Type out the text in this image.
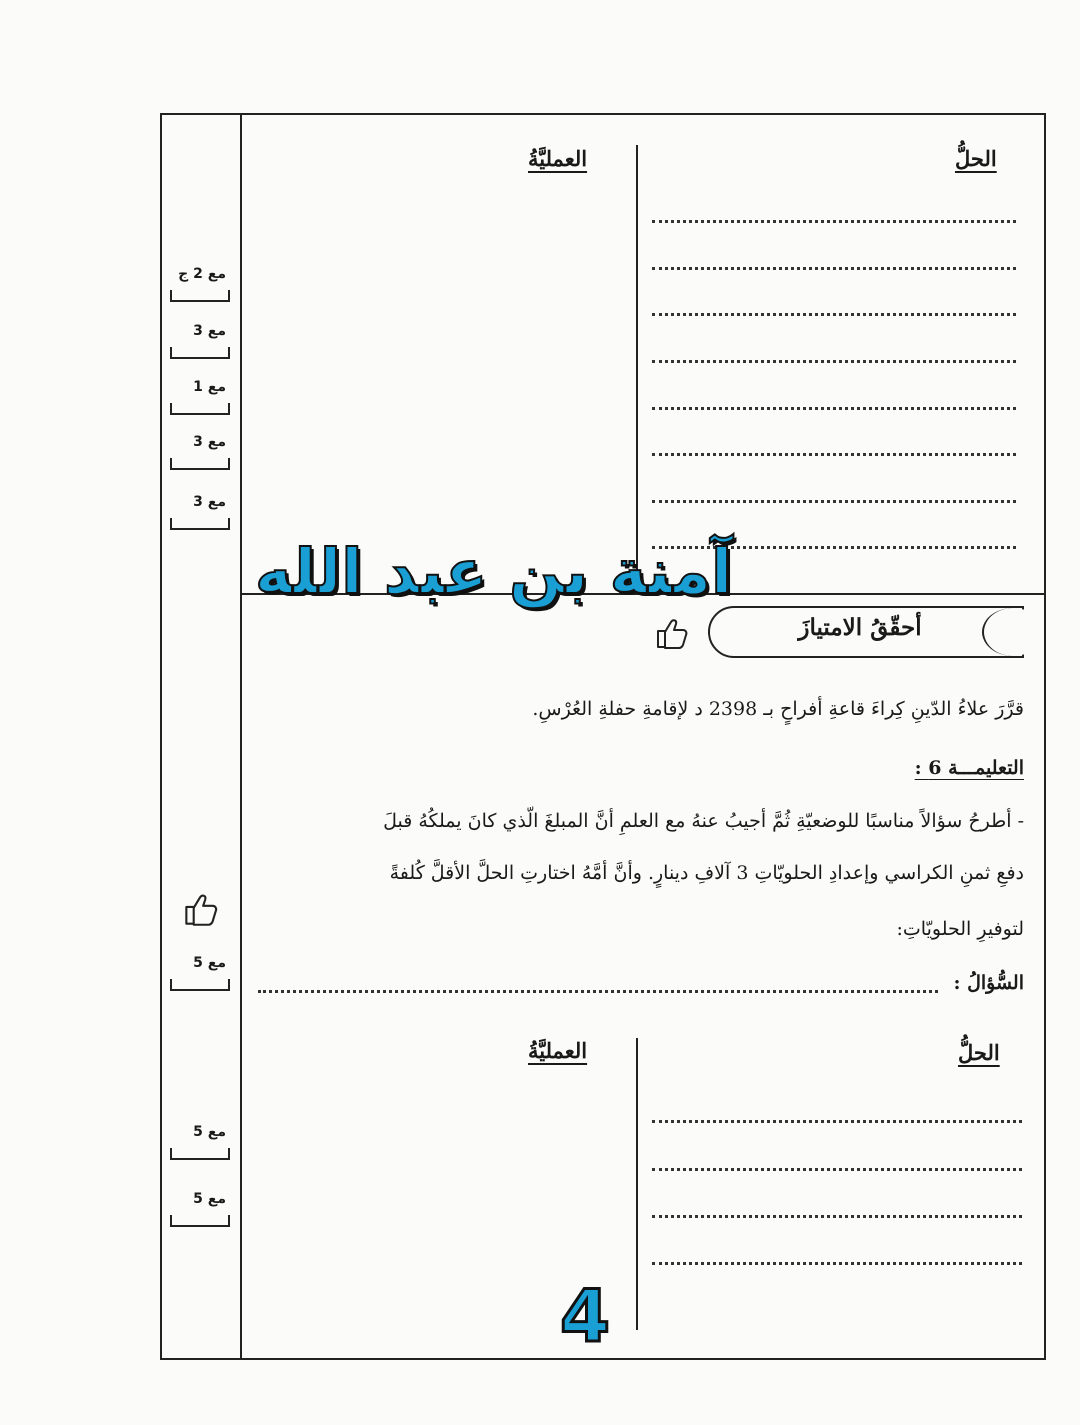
الحلُّ
العمليَّةُ
مع 2 ج
مع 3
مع 1
مع 3
مع 3
مع 5
مع 5
مع 5
أحقّقُ الامتيازَ
قرَّرَ علاءُ الدّينِ كِراءَ قاعةِ أفراحٍ بـ 2398 د لإقامةِ حفلةِ العُرْسِ.
التعليمـــة 6 :
- أطرحُ سؤالاً مناسبًا للوضعيّةِ ثُمَّ أجيبُ عنهُ مع العلمِ أنَّ المبلغَ الّذي كانَ يملكُهُ قبلَ
دفعِ ثمنِ الكراسي وإعدادِ الحلويّاتِ 3 آلافِ دينارٍ. وأنَّ أمَّهُ اختارتِ الحلَّ الأقلَّ كُلفةً
لتوفيرِ الحلويّاتِ:
السُّؤالُ :
الحلُّ
العمليَّةُ
آمنة بن عبد الله
4
